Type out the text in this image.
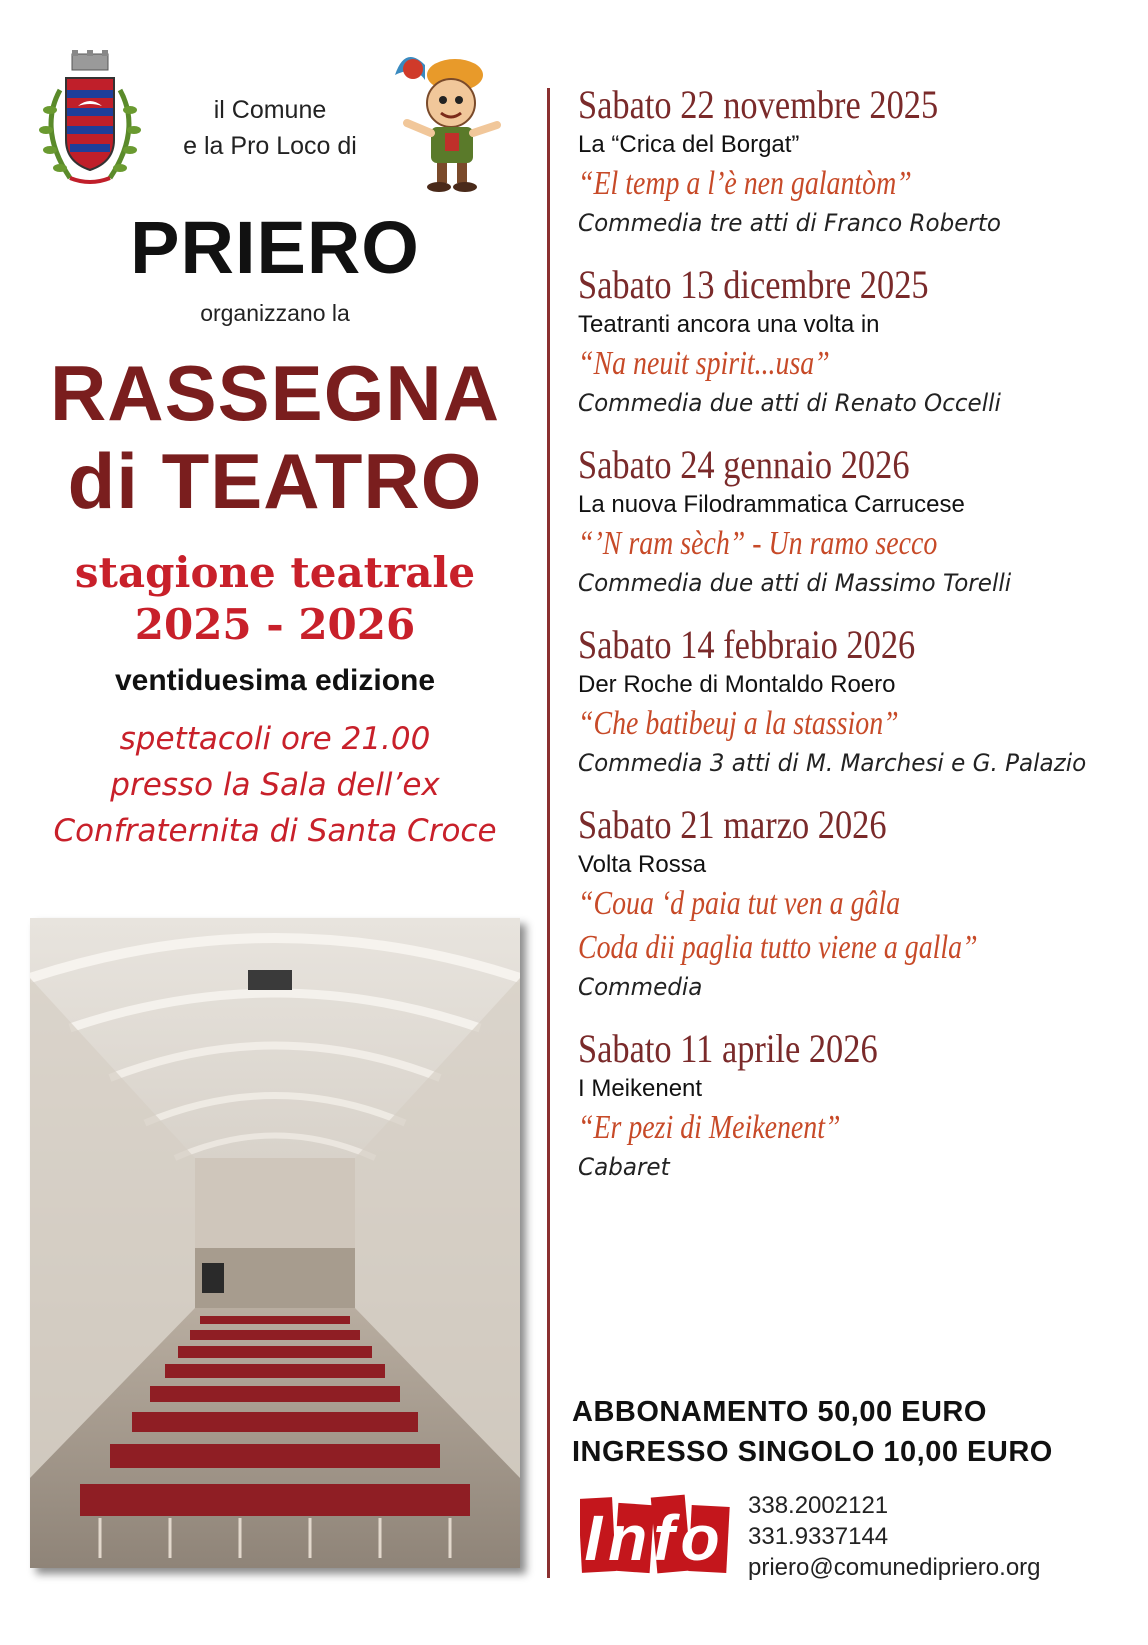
il Comune
e la Pro Loco di
PRIERO
organizzano la
RASSEGNA
di TEATRO
stagione teatrale
2025 - 2026
ventiduesima edizione
spettacoli ore 21.00
presso la Sala dell’ex
Confraternita di Santa Croce
Sabato 22 novembre 2025
La “Crica del Borgat”
“El temp a l’è nen galantòm”
Commedia tre atti di Franco Roberto
Sabato 13 dicembre 2025
Teatranti ancora una volta in
“Na neuit spirit...usa”
Commedia due atti di Renato Occelli
Sabato 24 gennaio 2026
La nuova Filodrammatica Carrucese
“’N ram sèch” - Un ramo secco
Commedia due atti di Massimo Torelli
Sabato 14 febbraio 2026
Der Roche di Montaldo Roero
“Che batibeuj a la stassion”
Commedia 3 atti di M. Marchesi e G. Palazio
Sabato 21 marzo 2026
Volta Rossa
“Coua ‘d paia tut ven a gâla
Coda dii paglia tutto viene a galla”
Commedia
Sabato 11 aprile 2026
I Meikenent
“Er pezi di Meikenent”
Cabaret
ABBONAMENTO 50,00 EURO
INGRESSO SINGOLO 10,00 EURO
Info 338.2002121
331.9337144
priero@comunedipriero.org
